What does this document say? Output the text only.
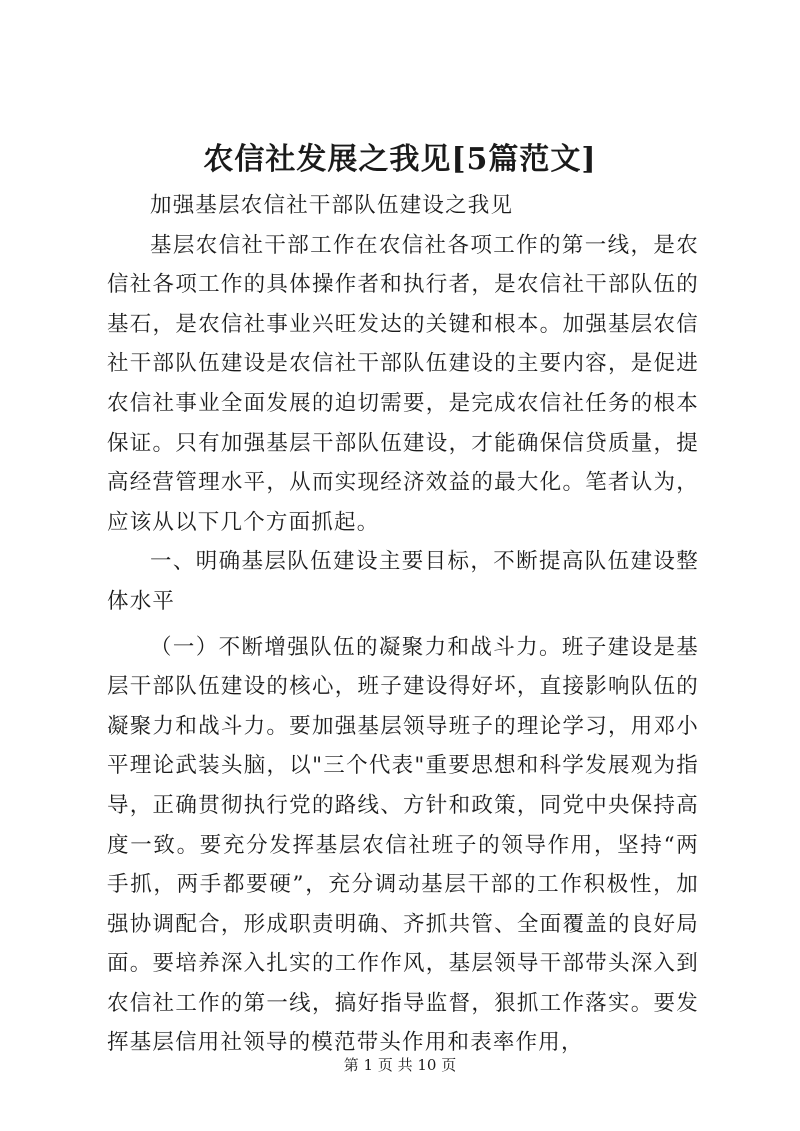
农信社发展之我见[5篇范文]

加强基层农信社干部队伍建设之我见

基层农信社干部工作在农信社各项工作的第一线，是农信社各项工作的具体操作者和执行者，是农信社干部队伍的基石，是农信社事业兴旺发达的关键和根本。加强基层农信社干部队伍建设是农信社干部队伍建设的主要内容，是促进农信社事业全面发展的迫切需要，是完成农信社任务的根本保证。只有加强基层干部队伍建设，才能确保信贷质量，提高经营管理水平，从而实现经济效益的最大化。笔者认为，应该从以下几个方面抓起。

一、明确基层队伍建设主要目标，不断提高队伍建设整体水平

（一）不断增强队伍的凝聚力和战斗力。班子建设是基层干部队伍建设的核心，班子建设得好坏，直接影响队伍的凝聚力和战斗力。要加强基层领导班子的理论学习，用邓小平理论武装头脑，以"三个代表"重要思想和科学发展观为指导，正确贯彻执行党的路线、方针和政策，同党中央保持高度一致。要充分发挥基层农信社班子的领导作用，坚持“两手抓，两手都要硬”，充分调动基层干部的工作积极性，加强协调配合，形成职责明确、齐抓共管、全面覆盖的良好局面。要培养深入扎实的工作作风，基层领导干部带头深入到农信社工作的第一线，搞好指导监督，狠抓工作落实。要发挥基层信用社领导的模范带头作用和表率作用，

第 1 页 共 10 页
